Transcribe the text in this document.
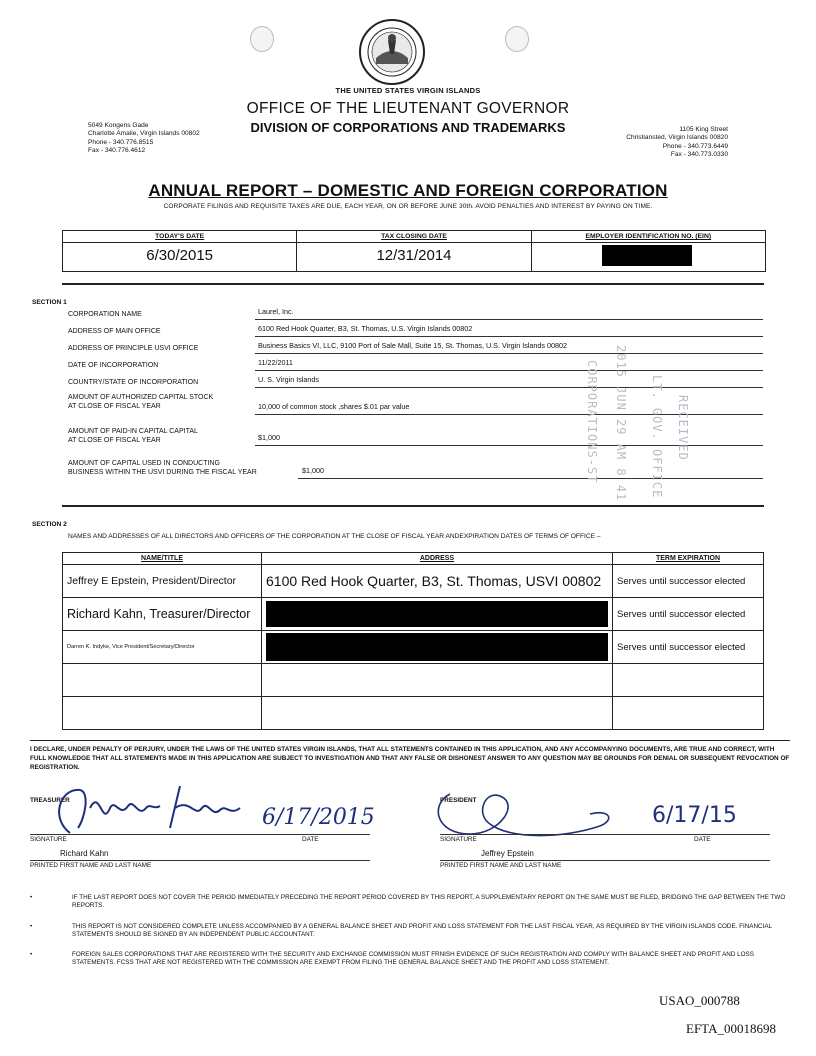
THE UNITED STATES VIRGIN ISLANDS
OFFICE OF THE LIEUTENANT GOVERNOR
DIVISION OF CORPORATIONS AND TRADEMARKS
5049 Kongens Gade
Charlotte Amalie, Virgin Islands 00802
Phone - 340.776.8515
Fax - 340.776.4612
1105 King Street
Christiansted, Virgin Islands 00820
Phone - 340.773.6449
Fax - 340.773.0330
ANNUAL REPORT – DOMESTIC AND FOREIGN CORPORATION
CORPORATE FILINGS AND REQUISITE TAXES ARE DUE, EACH YEAR, ON OR BEFORE JUNE 30th. AVOID PENALTIES AND INTEREST BY PAYING ON TIME.
TODAY'S DATE
6/30/2015
TAX CLOSING DATE
12/31/2014
EMPLOYER IDENTIFICATION NO. (EIN)
SECTION 1
CORPORATION NAME	Laurel, Inc.
ADDRESS OF MAIN OFFICE	6100 Red Hook Quarter, B3, St. Thomas, U.S. Virgin Islands 00802
ADDRESS OF PRINCIPLE USVI OFFICE	Business Basics VI, LLC, 9100 Port of Sale Mall, Suite 15, St. Thomas, U.S. Virgin Islands 00802
DATE OF INCORPORATION	11/22/2011
COUNTRY/STATE OF INCORPORATION	U. S. Virgin Islands
AMOUNT OF AUTHORIZED CAPITAL STOCK
AT CLOSE OF FISCAL YEAR	10,000 of common stock ,shares $.01 par value
AMOUNT OF PAID-IN CAPITAL CAPITAL
AT CLOSE OF FISCAL YEAR	$1,000
AMOUNT OF CAPITAL USED IN CONDUCTING
BUSINESS WITHIN THE USVI DURING THE FISCAL YEAR	$1,000	2015 JUN 29 AM 8 41 LT. GOV. OFFICE RECEIVED
CORPORATIONS-ST
SECTION 2
NAMES AND ADDRESSES OF ALL DIRECTORS AND OFFICERS OF THE CORPORATION AT THE CLOSE OF FISCAL YEAR ANDEXPIRATION DATES OF TERMS OF OFFICE –
NAME/TITLE	ADDRESS	TERM EXPIRATION
Jeffrey E Epstein, President/Director	6100 Red Hook Quarter, B3, St. Thomas, USVI 00802	Serves until successor elected
Richard Kahn, Treasurer/Director		Serves until successor elected
Darren K. Indyke, Vice President/Secretary/Director		Serves until successor elected

I DECLARE, UNDER PENALTY OF PERJURY, UNDER THE LAWS OF THE UNITED STATES VIRGIN ISLANDS, THAT ALL STATEMENTS CONTAINED IN THIS APPLICATION, AND ANY ACCOMPANYING DOCUMENTS, ARE TRUE AND CORRECT, WITH FULL KNOWLEDGE THAT ALL STATEMENTS MADE IN THIS APPLICATION ARE SUBJECT TO INVESTIGATION AND THAT ANY FALSE OR DISHONEST ANSWER TO ANY QUESTION MAY BE GROUNDS FOR DENIAL OR SUBSEQUENT REVOCATION OF REGISTRATION.
TREASURER
6/17/2015
SIGNATURE	DATE
Richard Kahn
PRINTED FIRST NAME AND LAST NAME
PRESIDENT
6/17/15
SIGNATURE	DATE
Jeffrey Epstein
PRINTED FIRST NAME AND LAST NAME
•	IF THE LAST REPORT DOES NOT COVER THE PERIOD IMMEDIATELY PRECEDING THE REPORT PERIOD COVERED BY THIS REPORT, A SUPPLEMENTARY REPORT ON THE SAME MUST BE FILED, BRIDGING THE GAP BETWEEN THE TWO REPORTS.
•	THIS REPORT IS NOT CONSIDERED COMPLETE UNLESS ACCOMPANIED BY A GENERAL BALANCE SHEET AND PROFIT AND LOSS STATEMENT FOR THE LAST FISCAL YEAR, AS REQUIRED BY THE VIRGIN ISLANDS CODE. FINANCIAL STATEMENTS SHOULD BE SIGNED BY AN INDEPENDENT PUBLIC ACCOUNTANT.
•	FOREIGN SALES CORPORATIONS THAT ARE REGISTERED WITH THE SECURITY AND EXCHANGE COMMISSION MUST FRNISH EVIDENCE OF SUCH REGISTRATION AND COMPLY WITH BALANCE SHEET AND PROFIT AND LOSS STATEMENTS. FCSS THAT ARE NOT REGISTERED WITH THE COMMISSION ARE EXEMPT FROM FILING THE GENERAL BALANCE SHEET AND THE PROFIT AND LOSS STATEMENT.
USAO_000788
EFTA_00018698
